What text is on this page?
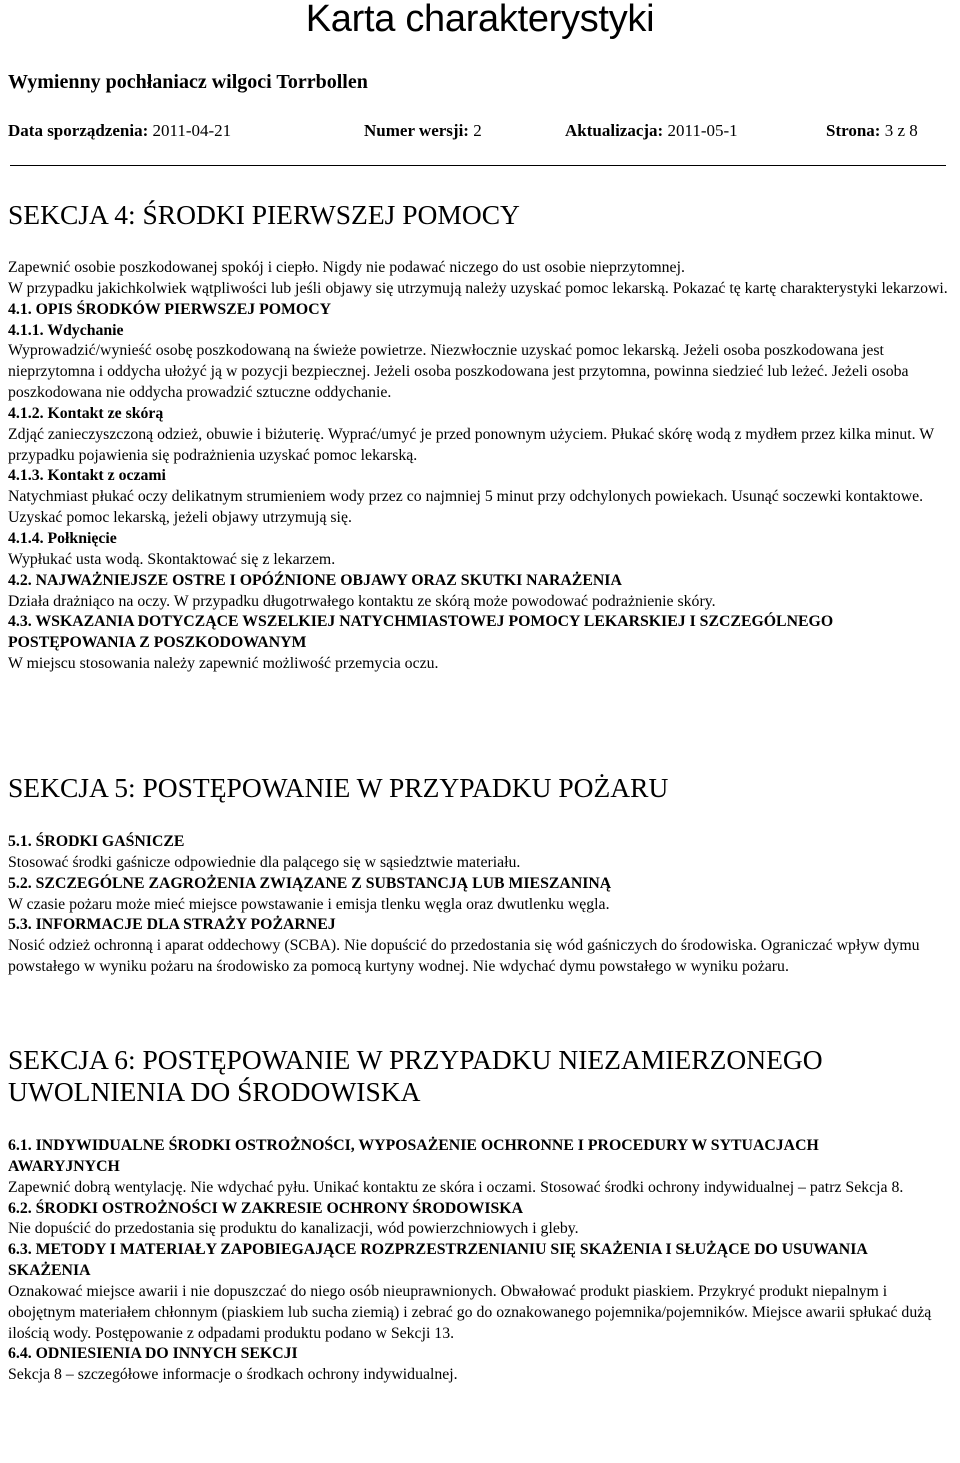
Karta charakterystyki
Wymienny pochłaniacz wilgoci Torrbollen
Data sporządzenia: 2011-04-21	Numer wersji: 2	Aktualizacja: 2011-05-1	Strona: 3 z 8
SEKCJA 4: ŚRODKI PIERWSZEJ POMOCY

Zapewnić osobie poszkodowanej spokój i ciepło. Nigdy nie podawać niczego do ust osobie nieprzytomnej.

W przypadku jakichkolwiek wątpliwości lub jeśli objawy się utrzymują należy uzyskać pomoc lekarską. Pokazać tę kartę charakterystyki lekarzowi.

4.1. OPIS ŚRODKÓW PIERWSZEJ POMOCY

4.1.1. Wdychanie

Wyprowadzić/wynieść osobę poszkodowaną na świeże powietrze. Niezwłocznie uzyskać pomoc lekarską. Jeżeli osoba poszkodowana jest nieprzytomna i oddycha ułożyć ją w pozycji bezpiecznej. Jeżeli osoba poszkodowana jest przytomna, powinna siedzieć lub leżeć. Jeżeli osoba poszkodowana nie oddycha prowadzić sztuczne oddychanie.

4.1.2. Kontakt ze skórą

Zdjąć zanieczyszczoną odzież, obuwie i biżuterię. Wyprać/umyć je przed ponownym użyciem. Płukać skórę wodą z mydłem przez kilka minut. W przypadku pojawienia się podrażnienia uzyskać pomoc lekarską.

4.1.3. Kontakt z oczami

Natychmiast płukać oczy delikatnym strumieniem wody przez co najmniej 5 minut przy odchylonych powiekach. Usunąć soczewki kontaktowe. Uzyskać pomoc lekarską, jeżeli objawy utrzymują się.

4.1.4. Połknięcie

Wypłukać usta wodą. Skontaktować się z lekarzem.

4.2. NAJWAŻNIEJSZE OSTRE I OPÓŹNIONE OBJAWY ORAZ SKUTKI NARAŻENIA

Działa drażniąco na oczy. W przypadku długotrwałego kontaktu ze skórą może powodować podrażnienie skóry.

4.3. WSKAZANIA DOTYCZĄCE WSZELKIEJ NATYCHMIASTOWEJ POMOCY LEKARSKIEJ I SZCZEGÓLNEGO POSTĘPOWANIA Z POSZKODOWANYM

W miejscu stosowania należy zapewnić możliwość przemycia oczu.

SEKCJA 5: POSTĘPOWANIE W PRZYPADKU POŻARU

5.1. ŚRODKI GAŚNICZE

Stosować środki gaśnicze odpowiednie dla palącego się w sąsiedztwie materiału.

5.2. SZCZEGÓLNE ZAGROŻENIA ZWIĄZANE Z SUBSTANCJĄ LUB MIESZANINĄ

W czasie pożaru może mieć miejsce powstawanie i emisja tlenku węgla oraz dwutlenku węgla.

5.3. INFORMACJE DLA STRAŻY POŻARNEJ

Nosić odzież ochronną i aparat oddechowy (SCBA). Nie dopuścić do przedostania się wód gaśniczych do środowiska. Ograniczać wpływ dymu powstałego w wyniku pożaru na środowisko za pomocą kurtyny wodnej. Nie wdychać dymu powstałego w wyniku pożaru.

SEKCJA 6: POSTĘPOWANIE W PRZYPADKU NIEZAMIERZONEGO
UWOLNIENIA DO ŚRODOWISKA

6.1. INDYWIDUALNE ŚRODKI OSTROŻNOŚCI, WYPOSAŻENIE OCHRONNE I PROCEDURY W SYTUACJACH AWARYJNYCH

Zapewnić dobrą wentylację. Nie wdychać pyłu. Unikać kontaktu ze skóra i oczami. Stosować środki ochrony indywidualnej – patrz Sekcja 8.

6.2. ŚRODKI OSTROŻNOŚCI W ZAKRESIE OCHRONY ŚRODOWISKA

Nie dopuścić do przedostania się produktu do kanalizacji, wód powierzchniowych i gleby.

6.3. METODY I MATERIAŁY ZAPOBIEGAJĄCE ROZPRZESTRZENIANIU SIĘ SKAŻENIA I SŁUŻĄCE DO USUWANIA SKAŻENIA

Oznakować miejsce awarii i nie dopuszczać do niego osób nieuprawnionych. Obwałować produkt piaskiem. Przykryć produkt niepalnym i obojętnym materiałem chłonnym (piaskiem lub sucha ziemią) i zebrać go do oznakowanego pojemnika/pojemników. Miejsce awarii spłukać dużą ilością wody. Postępowanie z odpadami produktu podano w Sekcji 13.

6.4. ODNIESIENIA DO INNYCH SEKCJI

Sekcja 8 – szczegółowe informacje o środkach ochrony indywidualnej.
